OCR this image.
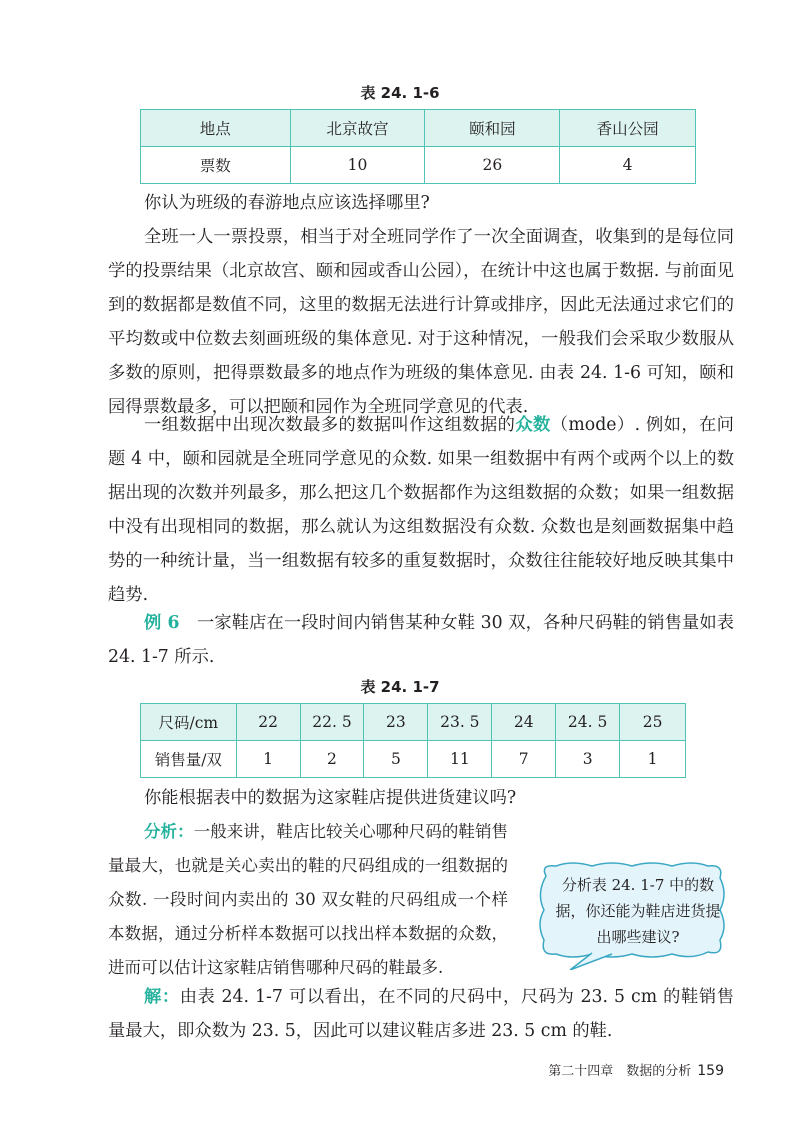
表 24. 1-6
地点	北京故宫	颐和园	香山公园
票数	10	26	4

你认为班级的春游地点应该选择哪里?

全班一人一票投票，相当于对全班同学作了一次全面调查，收集到的是每位同学的投票结果（北京故宫、颐和园或香山公园），在统计中这也属于数据. 与前面见到的数据都是数值不同，这里的数据无法进行计算或排序，因此无法通过求它们的平均数或中位数去刻画班级的集体意见. 对于这种情况，一般我们会采取少数服从多数的原则，把得票数最多的地点作为班级的集体意见. 由表 24. 1-6 可知，颐和园得票数最多，可以把颐和园作为全班同学意见的代表.

一组数据中出现次数最多的数据叫作这组数据的众数（mode）. 例如，在问题 4 中，颐和园就是全班同学意见的众数. 如果一组数据中有两个或两个以上的数据出现的次数并列最多，那么把这几个数据都作为这组数据的众数；如果一组数据中没有出现相同的数据，那么就认为这组数据没有众数. 众数也是刻画数据集中趋势的一种统计量，当一组数据有较多的重复数据时，众数往往能较好地反映其集中趋势.

例 6　 一家鞋店在一段时间内销售某种女鞋 30 双，各种尺码鞋的销售量如表 24. 1-7 所示.

表 24. 1-7
尺码/cm	22	22. 5	23	23. 5	24	24. 5	25
销售量/双	1	2	5	11	7	3	1

你能根据表中的数据为这家鞋店提供进货建议吗?

分析：一般来讲，鞋店比较关心哪种尺码的鞋销售量最大，也就是关心卖出的鞋的尺码组成的一组数据的众数. 一段时间内卖出的 30 双女鞋的尺码组成一个样本数据，通过分析样本数据可以找出样本数据的众数，进而可以估计这家鞋店销售哪种尺码的鞋最多.

分析表 24. 1-7 中的数据，你还能为鞋店进货提出哪些建议?

解：由表 24. 1-7 可以看出，在不同的尺码中，尺码为 23. 5 cm 的鞋销售量最大，即众数为 23. 5，因此可以建议鞋店多进 23. 5 cm 的鞋.

第二十四章　数据的分析 159
